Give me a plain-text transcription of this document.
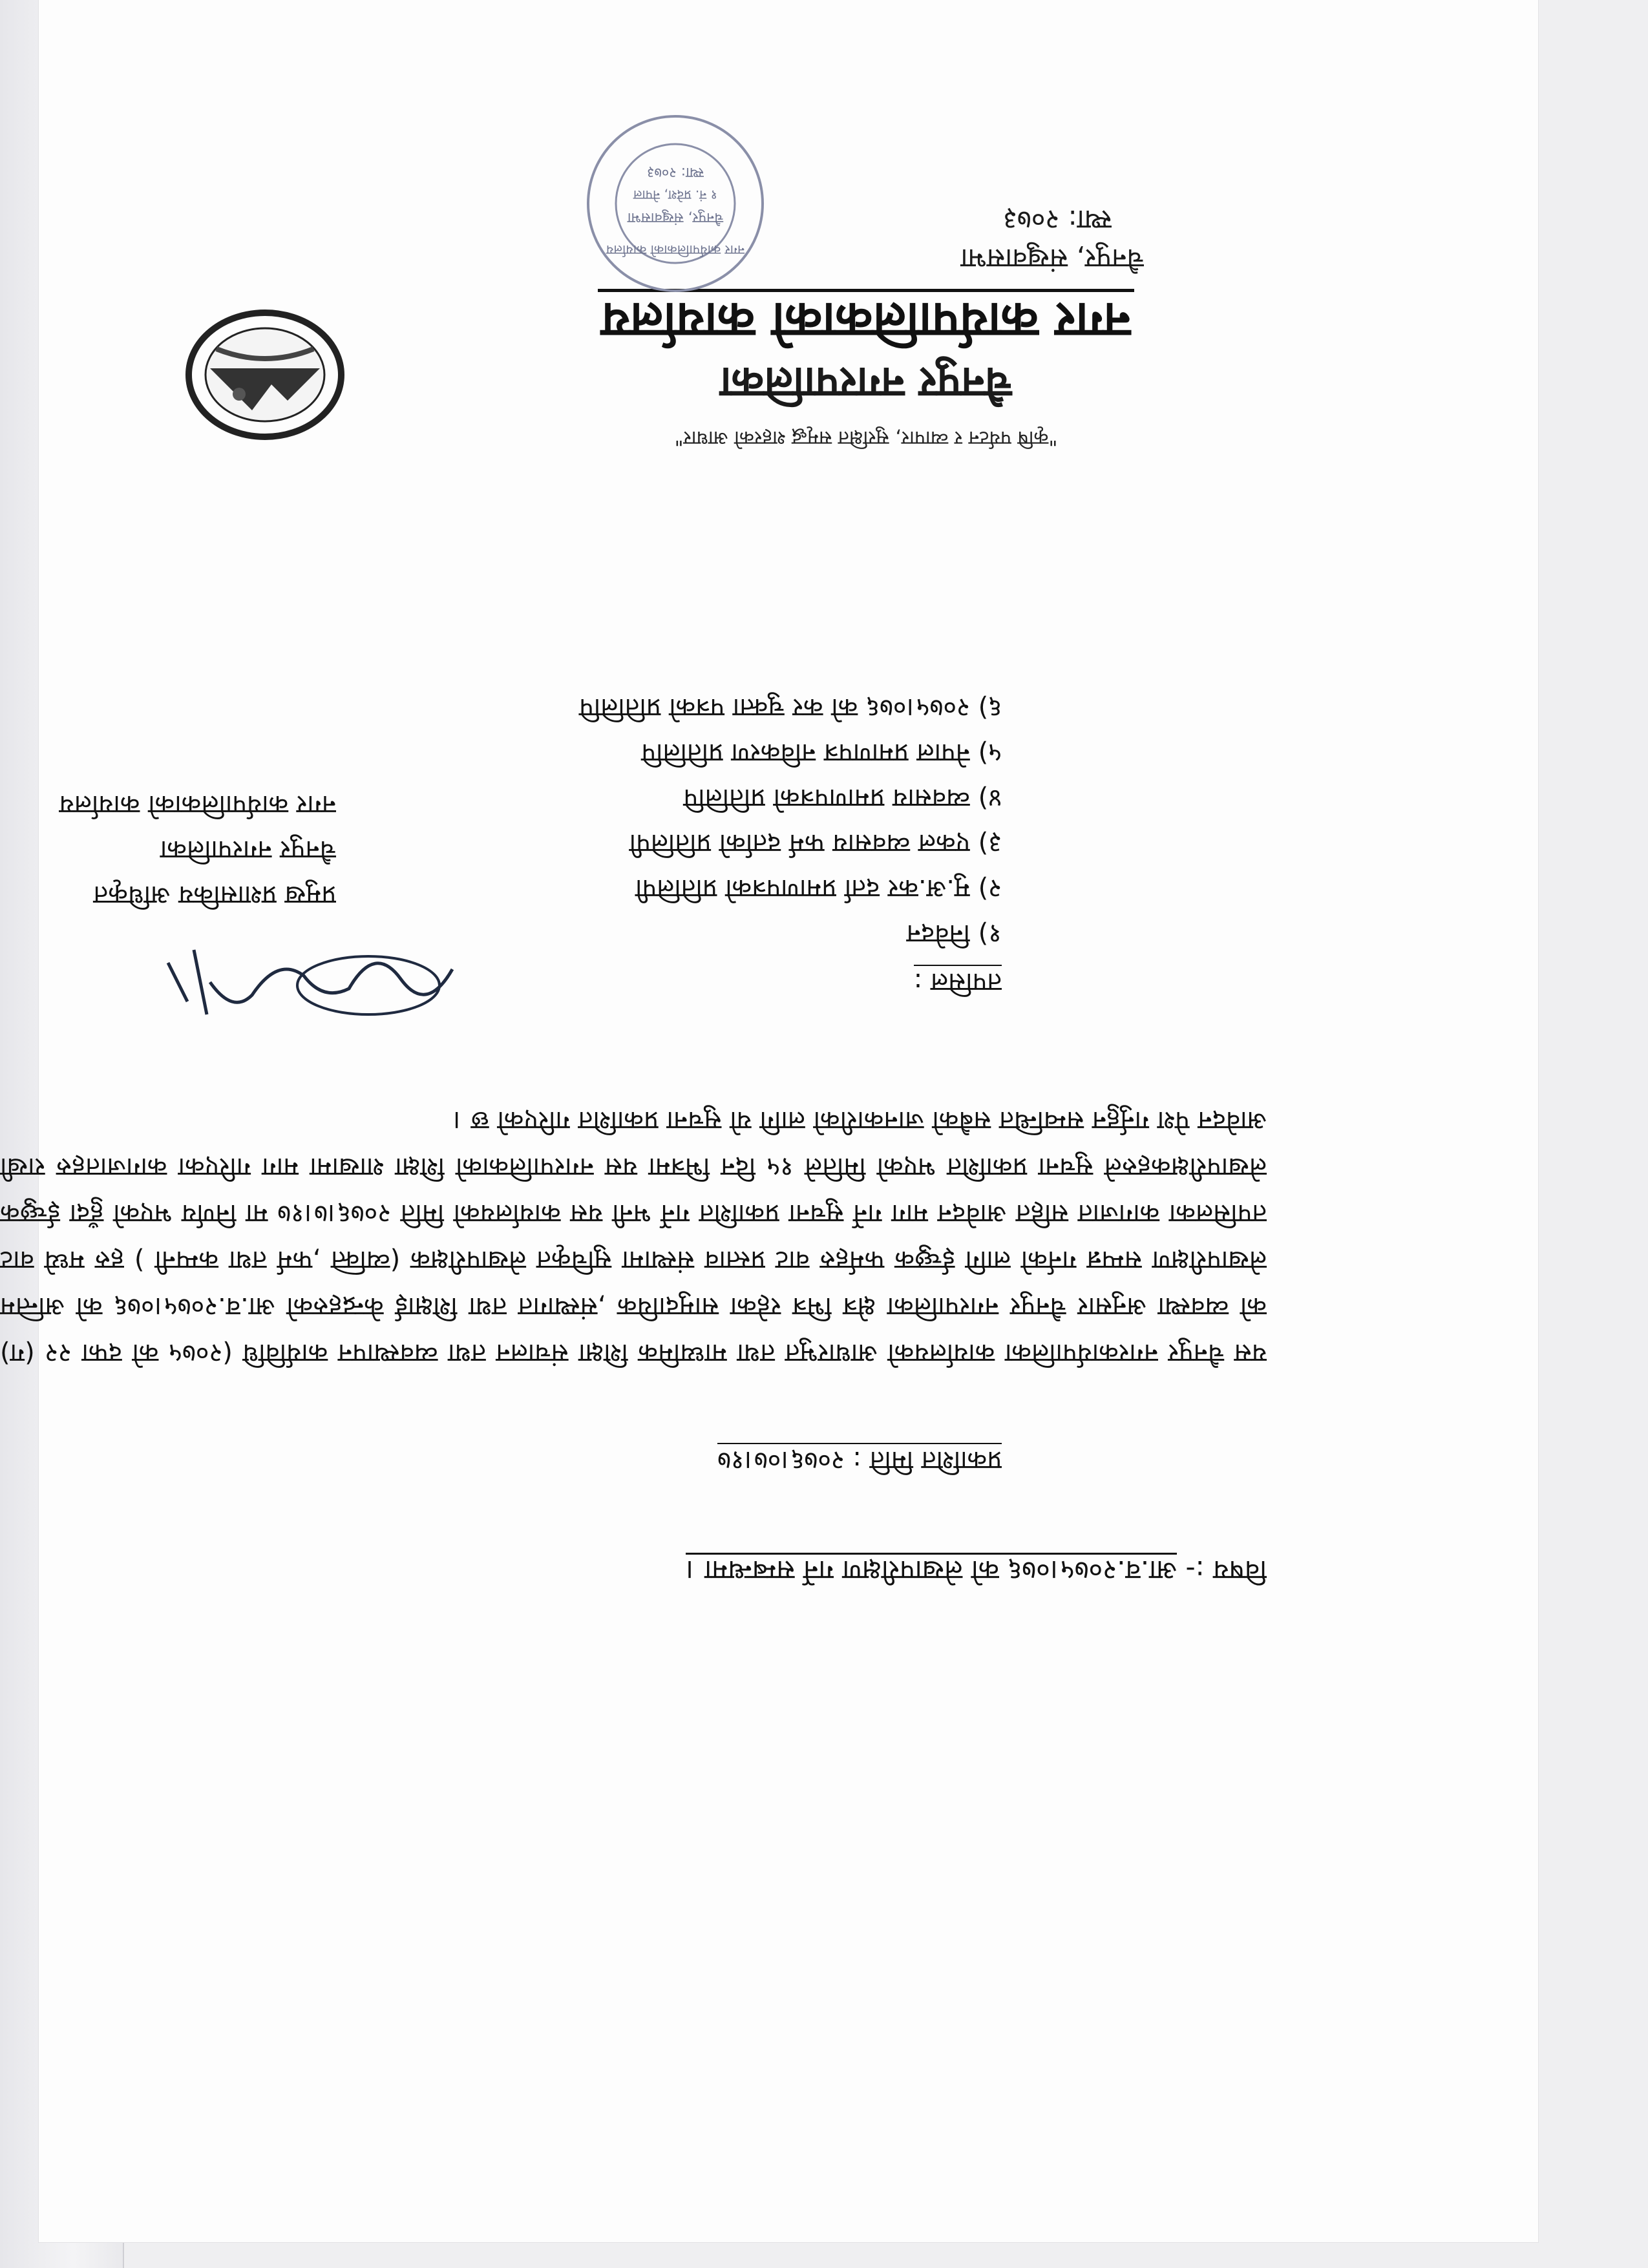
"कृषि पर्यटन र व्यापार, सुरक्षित समृद्ध शहरको आधार"
चैनपुर नगरपालिका
नगर कार्यपालिकाको कार्यालय
चैनपुर, संखुवासभा
स्था: २०७३
नगर कार्यपालिकाको कार्यालय
चैनपुर, संखुवासभा
१ नं. प्रदेश, नेपाल
स्था: २०७३
विषय :- आ.व.२०७५।०७६ को लेखापरीक्षण गर्ने सम्बन्धमा ।
प्रकाशित मिति : २०७६।०७।१७
यस चैनपुर नगरकार्यपालिका कार्यालयको आधारभुत तथा माध्यमिक शिक्षा संचालन तथा व्यवस्थापन कार्यविधि (२०७५ को दफा २२ (ग) को व्यवस्था अनुसार चैनपुर नगरपालिका क्षेत्र भित्र रहेका सामुदायिक ,संस्थागत तथा शिक्षाई केन्द्रहरुको आ.व.२०७५।०७६ को अन्तिम लेखापरीक्षण सम्पन्न गर्नको लागि ईच्छुक फर्महरु वाट प्रस्ताव संस्थामा सुचिकृत लेखापरीक्षक (व्यक्ति ,फर्म तथा कम्पनी ) हरु मध्ये वाट तपसिलका कागजात सहित आवेदन माग गर्ने सुचना प्रकाशित गर्ने भनी यस कार्यालयको मिति २०७६।७।१७ मा निर्णय भएको हुँदा ईच्छुक लेखापरीक्षकहरुले सुचना प्रकाशित भएको मितिले १५ दिन भित्रमा यस नगरपालिकाको शिक्षा शाखामा माग गरिएका कागजातहरु राखी आवेदन पेश गर्नुहुन सम्वन्धित सबैको जानकारीको लागि यो सुचना प्रकाशित गरिएको छ ।
तपसिल :
१) निवेदन
२) मु.अ.कर दर्ता प्रमाणपत्रको प्रतिलिपी
३) एकल व्यवसाय फर्म दर्ताको प्रतिलिपी
४) व्यवसाय प्रमाणपत्रको प्रतिलिपि
५) नेपाल प्रमाणपत्र नविकरण प्रतिलिपि
६) २०७५।०७६ को कर चुक्ता पत्रको प्रतिलिपि
प्रमुख प्रशासकिय अधिकृत
चैनपुर नगरपालिका
नगर कार्यपालिकाको कार्यालय
